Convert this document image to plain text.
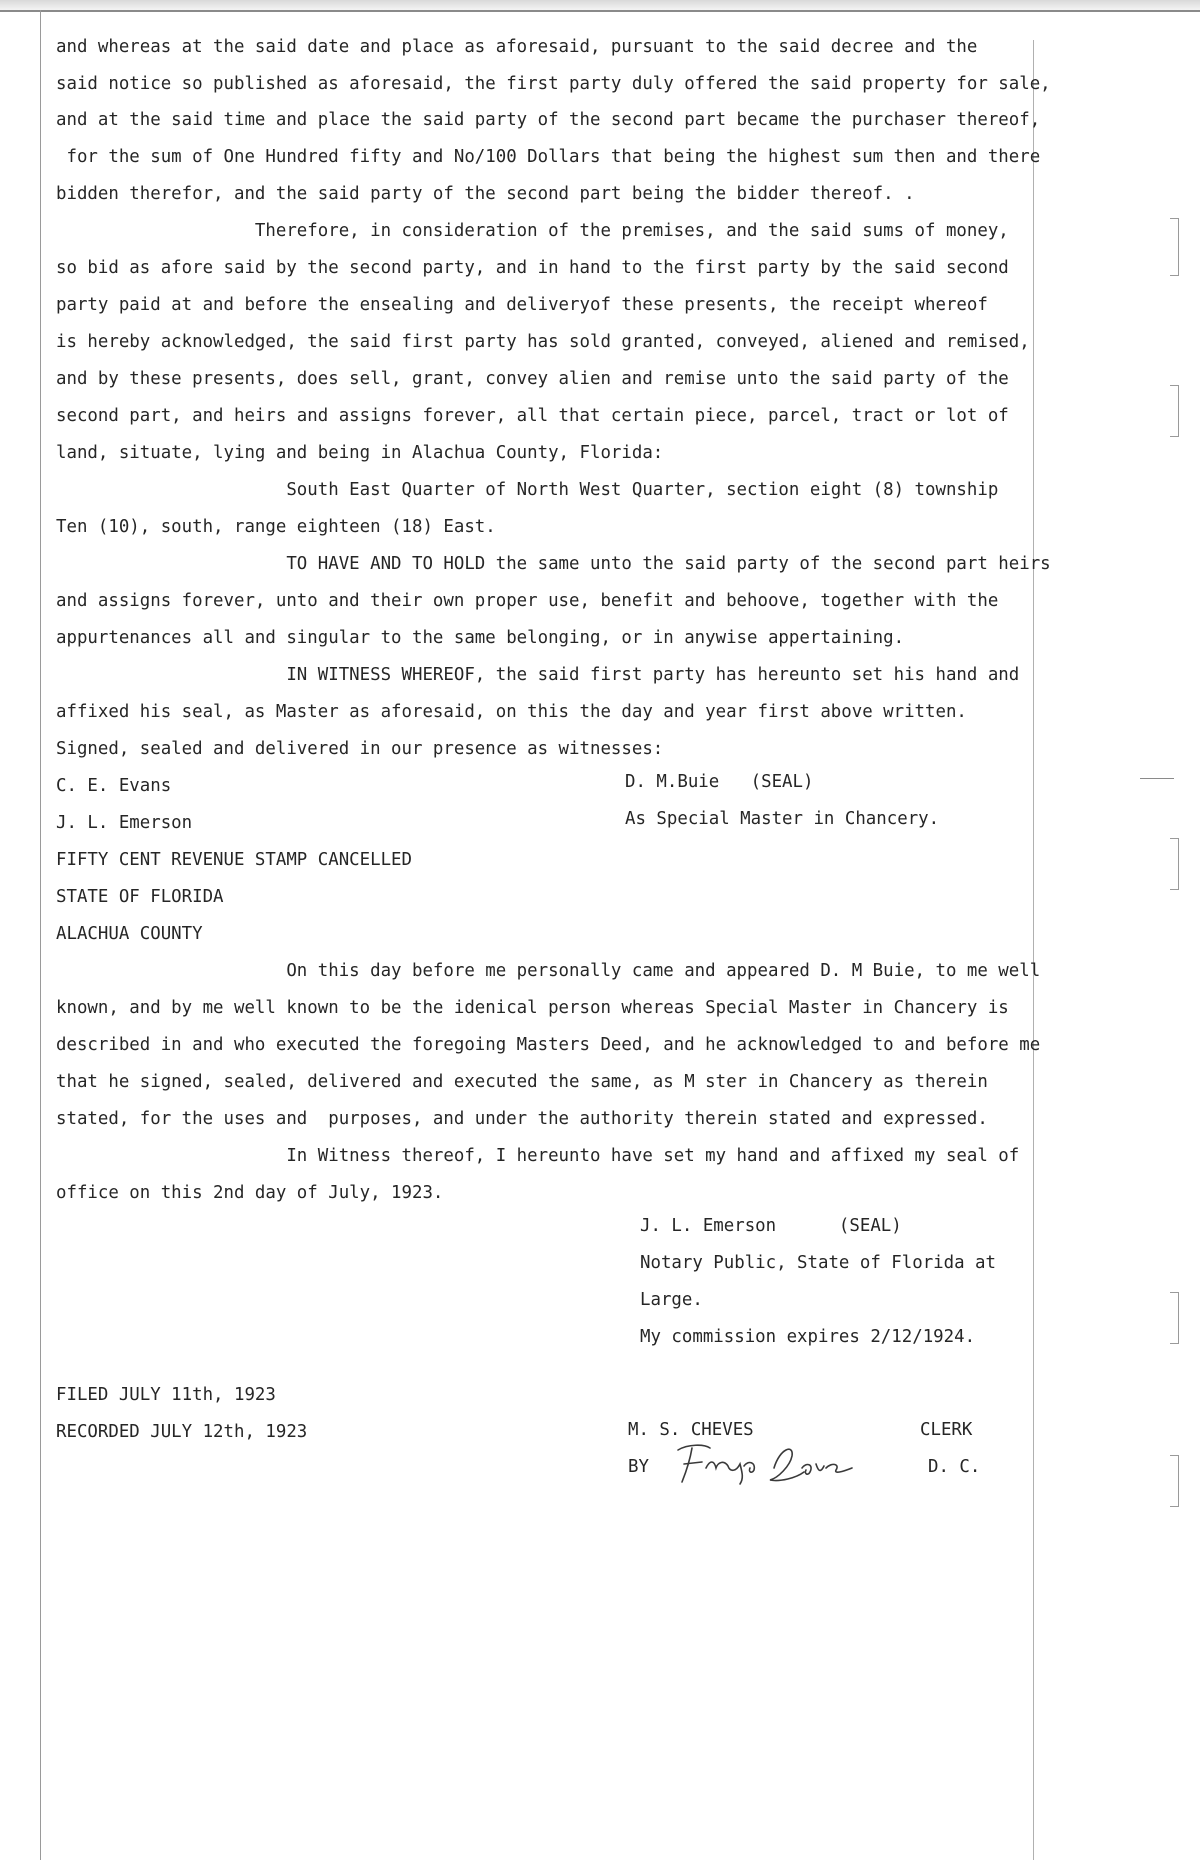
and whereas at the said date and place as aforesaid, pursuant to the said decree and the
said notice so published as aforesaid, the first party duly offered the said property for sale,
and at the said time and place the said party of the second part became the purchaser thereof,
for the sum of One Hundred fifty and No/100 Dollars that being the highest sum then and there
bidden therefor, and the said party of the second part being the bidder thereof. .
Therefore, in consideration of the premises, and the said sums of money,
so bid as afore said by the second party, and in hand to the first party by the said second
party paid at and before the ensealing and deliveryof these presents, the receipt whereof
is hereby acknowledged, the said first party has sold granted, conveyed, aliened and remised,
and by these presents, does sell, grant, convey alien and remise unto the said party of the
second part, and heirs and assigns forever, all that certain piece, parcel, tract or lot of
land, situate, lying and being in Alachua County, Florida:
South East Quarter of North West Quarter, section eight (8) township
Ten (10), south, range eighteen (18) East.
TO HAVE AND TO HOLD the same unto the said party of the second part heirs
and assigns forever, unto and their own proper use, benefit and behoove, together with the
appurtenances all and singular to the same belonging, or in anywise appertaining.
IN WITNESS WHEREOF, the said first party has hereunto set his hand and
affixed his seal, as Master as aforesaid, on this the day and year first above written.
Signed, sealed and delivered in our presence as witnesses:
C. E. Evans
J. L. Emerson
D. M.Buie   (SEAL)
As Special Master in Chancery.
FIFTY CENT REVENUE STAMP CANCELLED
STATE OF FLORIDA
ALACHUA COUNTY
On this day before me personally came and appeared D. M Buie, to me well
known, and by me well known to be the idenical person whereas Special Master in Chancery is
described in and who executed the foregoing Masters Deed, and he acknowledged to and before me
that he signed, sealed, delivered and executed the same, as M ster in Chancery as therein
stated, for the uses and  purposes, and under the authority therein stated and expressed.
In Witness thereof, I hereunto have set my hand and affixed my seal of
office on this 2nd day of July, 1923.
J. L. Emerson      (SEAL)
Notary Public, State of Florida at
Large.
My commission expires 2/12/1924.
FILED JULY 11th, 1923
RECORDED JULY 12th, 1923	M. S. CHEVES	CLERK
BY	D. C.
